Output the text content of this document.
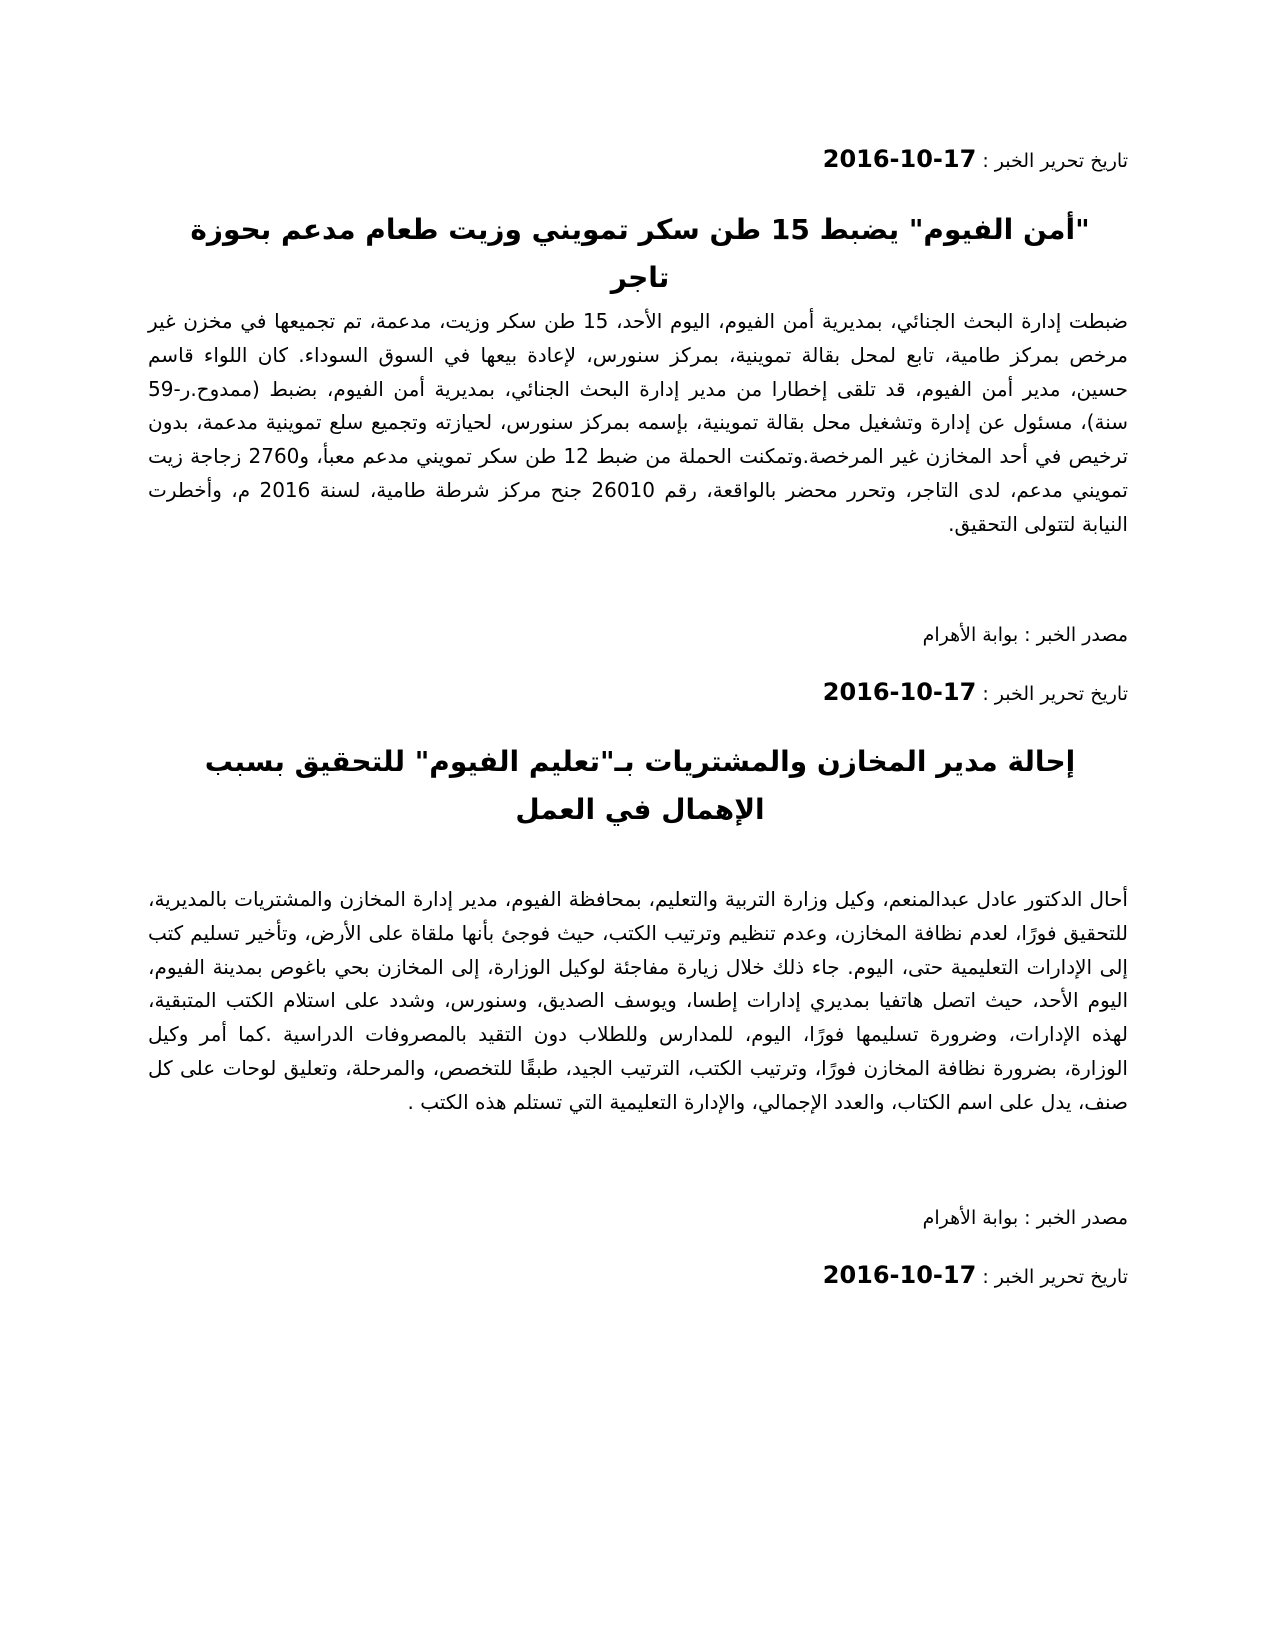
تاريخ تحرير الخبر : 2016-10-17
"أمن الفيوم" يضبط 15 طن سكر تمويني وزيت طعام مدعم بحوزة تاجر
ضبطت إدارة البحث الجنائي، بمديرية أمن الفيوم، اليوم الأحد، 15 طن سكر وزيت، مدعمة، تم تجميعها في مخزن غير مرخص بمركز طامية، تابع لمحل بقالة تموينية، بمركز سنورس، لإعادة بيعها في السوق السوداء. كان اللواء قاسم حسين، مدير أمن الفيوم، قد تلقى إخطارا من مدير إدارة البحث الجنائي، بمديرية أمن الفيوم، بضبط (ممدوح.ر-59 سنة)، مسئول عن إدارة وتشغيل محل بقالة تموينية، بإسمه بمركز سنورس، لحيازته وتجميع سلع تموينية مدعمة، بدون ترخيص في أحد المخازن غير المرخصة.وتمكنت الحملة من ضبط 12 طن سكر تمويني مدعم معبأ، و2760 زجاجة زيت تمويني مدعم، لدى التاجر، وتحرر محضر بالواقعة، رقم 26010 جنح مركز شرطة طامية، لسنة 2016 م، وأخطرت النيابة لتتولى التحقيق.
مصدر الخبر : بوابة الأهرام
تاريخ تحرير الخبر : 2016-10-17
إحالة مدير المخازن والمشتريات بـ"تعليم الفيوم" للتحقيق بسبب الإهمال في العمل
أحال الدكتور عادل عبدالمنعم، وكيل وزارة التربية والتعليم، بمحافظة الفيوم، مدير إدارة المخازن والمشتريات بالمديرية، للتحقيق فورًا، لعدم نظافة المخازن، وعدم تنظيم وترتيب الكتب، حيث فوجئ بأنها ملقاة على الأرض، وتأخير تسليم كتب إلى الإدارات التعليمية حتى، اليوم. جاء ذلك خلال زيارة مفاجئة لوكيل الوزارة، إلى المخازن بحي باغوص بمدينة الفيوم، اليوم الأحد، حيث اتصل هاتفيا بمديري إدارات إطسا، ويوسف الصديق، وسنورس، وشدد على استلام الكتب المتبقية، لهذه الإدارات، وضرورة تسليمها فورًا، اليوم، للمدارس وللطلاب دون التقيد بالمصروفات الدراسية .كما أمر وكيل الوزارة، بضرورة نظافة المخازن فورًا، وترتيب الكتب، الترتيب الجيد، طبقًا للتخصص، والمرحلة، وتعليق لوحات على كل صنف، يدل على اسم الكتاب، والعدد الإجمالي، والإدارة التعليمية التي تستلم هذه الكتب .
مصدر الخبر : بوابة الأهرام
تاريخ تحرير الخبر : 2016-10-17
